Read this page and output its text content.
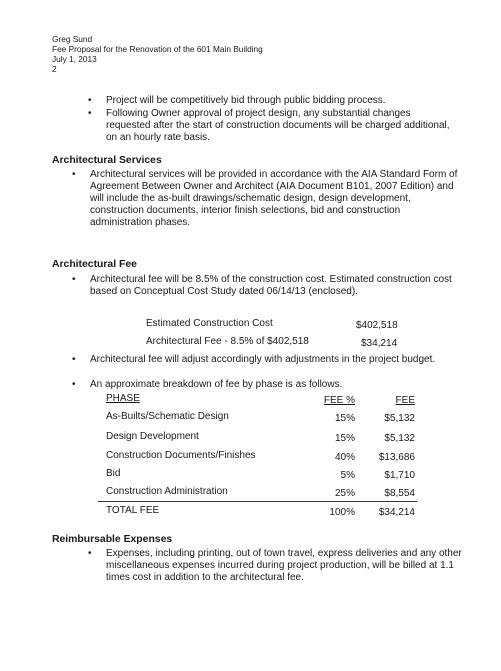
Greg Sund
Fee Proposal for the Renovation of the 601 Main Building
July 1, 2013
2
• Project will be competitively bid through public bidding process.
• Following Owner approval of project design, any substantial changes requested after the start of construction documents will be charged additional, on an hourly rate basis.
Architectural Services
• Architectural services will be provided in accordance with the AIA Standard Form of Agreement Between Owner and Architect (AIA Document B101, 2007 Edition) and will include the as-built drawings/schematic design, design development, construction documents, interior finish selections, bid and construction administration phases.
Architectural Fee
• Architectural fee will be 8.5% of the construction cost. Estimated construction cost based on Conceptual Cost Study dated 06/14/13 (enclosed).
Estimated Construction Cost	$402,518
Architectural Fee - 8.5% of $402,518	$34,214
• Architectural fee will adjust accordingly with adjustments in the project budget.
• An approximate breakdown of fee by phase is as follows.
PHASE	FEE %	FEE
As-Builts/Schematic Design	15%	$5,132
Design Development	15%	$5,132
Construction Documents/Finishes	40%	$13,686
Bid	5%	$1,710
Construction Administration	25%	$8,554
TOTAL FEE	100%	$34,214
Reimbursable Expenses
• Expenses, including printing, out of town travel, express deliveries and any other miscellaneous expenses incurred during project production, will be billed at 1.1 times cost in addition to the architectural fee.
